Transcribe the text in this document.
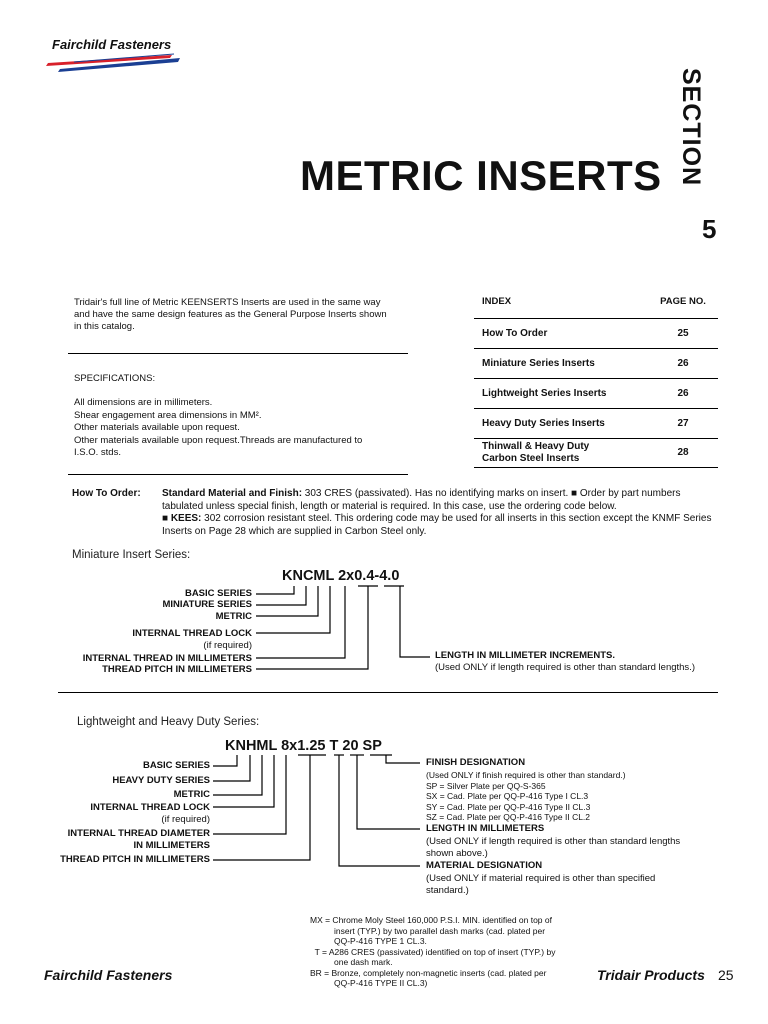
Fairchild Fasteners
METRIC INSERTS SECTION
5
Tridair's full line of Metric KEENSERTS Inserts are used in the same way and have the same design features as the General Purpose Inserts shown in this catalog.
SPECIFICATIONS:
All dimensions are in millimeters.
Shear engagement area dimensions in MM².
Other materials available upon request.
Other materials available upon request.Threads are manufactured to
I.S.O. stds.
INDEX	PAGE NO.
How To Order	25
Miniature Series Inserts	26
Lightweight Series Inserts	26
Heavy Duty Series Inserts	27

Thinwall & Heavy Duty
Carbon Steel Inserts	28
How To Order: Standard Material and Finish: 303 CRES (passivated). Has no identifying marks on insert. ■ Order by part numbers tabulated unless special finish, length or material is required. In this case, use the ordering code below.
■ KEES: 302 corrosion resistant steel. This ordering code may be used for all inserts in this section except the KNMF Series Inserts on Page 28 which are supplied in Carbon Steel only.
Miniature Insert Series:
KNCML 2x0.4-4.0
BASIC SERIES
MINIATURE SERIES
METRIC
INTERNAL THREAD LOCK
(if required)
INTERNAL THREAD IN MILLIMETERS
THREAD PITCH IN MILLIMETERS
LENGTH IN MILLIMETER INCREMENTS.
(Used ONLY if length required is other than standard lengths.)
Lightweight and Heavy Duty Series:
KNHML 8x1.25 T 20 SP
BASIC SERIES
HEAVY DUTY SERIES
METRIC
INTERNAL THREAD LOCK
(if required)
INTERNAL THREAD DIAMETER
IN MILLIMETERS
THREAD PITCH IN MILLIMETERS
FINISH DESIGNATION
(Used ONLY if finish required is other than standard.)
SP = Silver Plate per QQ-S-365
SX = Cad. Plate per QQ-P-416 Type I CL.3
SY = Cad. Plate per QQ-P-416 Type II CL.3
SZ = Cad. Plate per QQ-P-416 Type II CL.2
LENGTH IN MILLIMETERS
(Used ONLY if length required is other than standard lengths
shown above.)
MATERIAL DESIGNATION
(Used ONLY if material required is other than specified
standard.)
MX = Chrome Moly Steel 160,000 P.S.I. MIN. identified on top of
insert (TYP.) by two parallel dash marks (cad. plated per
QQ-P-416 TYPE 1 CL.3.
T = A286 CRES (passivated) identified on top of insert (TYP.) by
one dash mark.
BR = Bronze, completely non-magnetic inserts (cad. plated per
QQ-P-416 TYPE II CL.3)
Fairchild Fasteners	Tridair Products 25
